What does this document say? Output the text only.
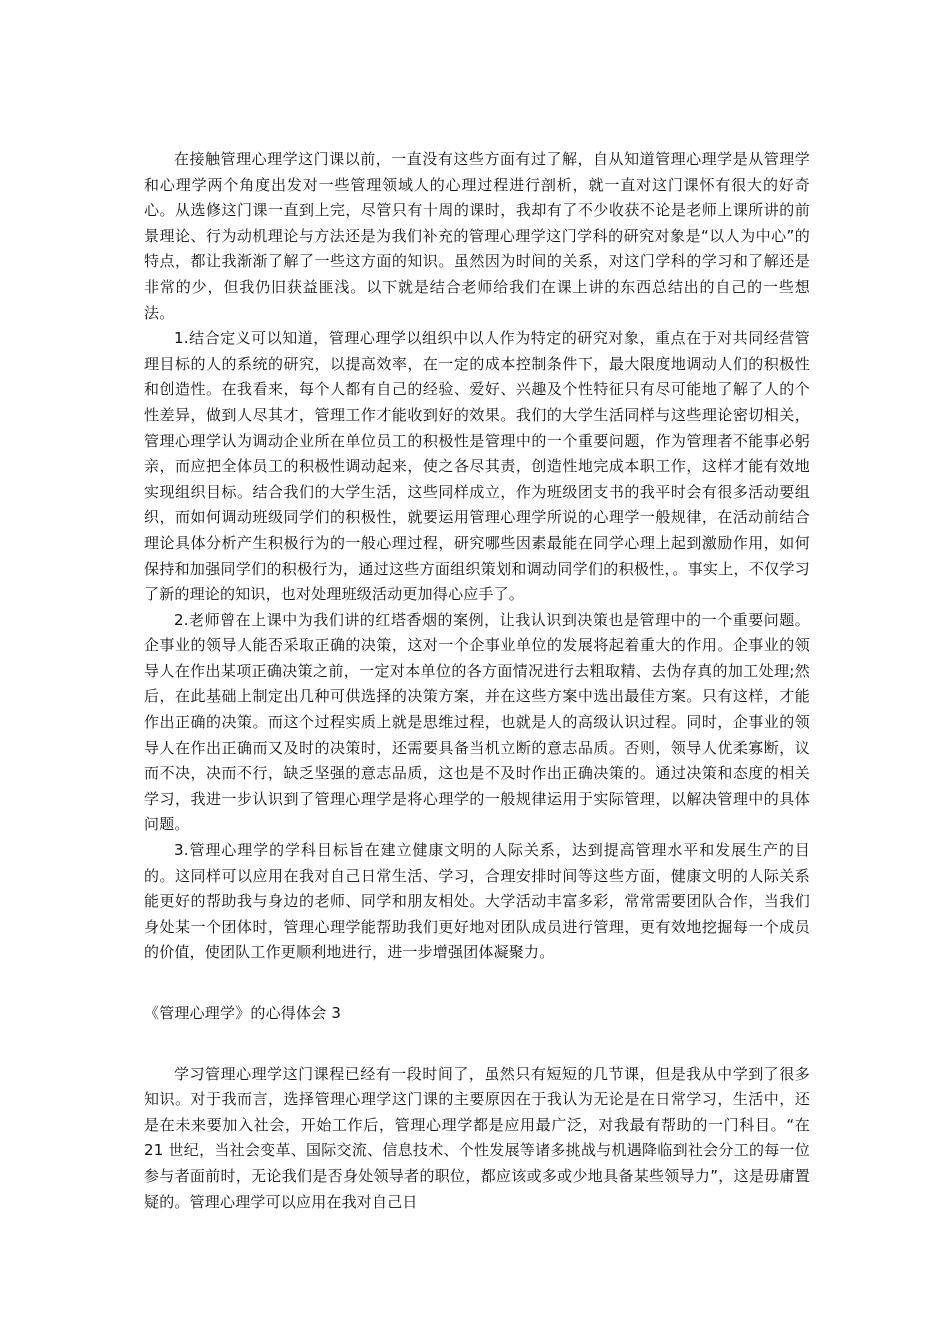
在接触管理心理学这门课以前，一直没有这些方面有过了解，自从知道管理心理学是从管理学和心理学两个角度出发对一些管理领域人的心理过程进行剖析，就一直对这门课怀有很大的好奇心。从选修这门课一直到上完，尽管只有十周的课时，我却有了不少收获不论是老师上课所讲的前景理论、行为动机理论与方法还是为我们补充的管理心理学这门学科的研究对象是“以人为中心”的特点，都让我渐渐了解了一些这方面的知识。虽然因为时间的关系，对这门学科的学习和了解还是非常的少，但我仍旧获益匪浅。以下就是结合老师给我们在课上讲的东西总结出的自己的一些想法。

1.结合定义可以知道，管理心理学以组织中以人作为特定的研究对象，重点在于对共同经营管理目标的人的系统的研究，以提高效率，在一定的成本控制条件下，最大限度地调动人们的积极性和创造性。在我看来，每个人都有自己的经验、爱好、兴趣及个性特征只有尽可能地了解了人的个性差异，做到人尽其才，管理工作才能收到好的效果。我们的大学生活同样与这些理论密切相关，管理心理学认为调动企业所在单位员工的积极性是管理中的一个重要问题，作为管理者不能事必躬亲，而应把全体员工的积极性调动起来，使之各尽其责，创造性地完成本职工作，这样才能有效地实现组织目标。结合我们的大学生活，这些同样成立，作为班级团支书的我平时会有很多活动要组织，而如何调动班级同学们的积极性，就要运用管理心理学所说的心理学一般规律，在活动前结合理论具体分析产生积极行为的一般心理过程，研究哪些因素最能在同学心理上起到激励作用，如何保持和加强同学们的积极行为，通过这些方面组织策划和调动同学们的积极性，。事实上，不仅学习了新的理论的知识，也对处理班级活动更加得心应手了。

2.老师曾在上课中为我们讲的红塔香烟的案例，让我认识到决策也是管理中的一个重要问题。企事业的领导人能否采取正确的决策，这对一个企事业单位的发展将起着重大的作用。企事业的领导人在作出某项正确决策之前，一定对本单位的各方面情况进行去粗取精、去伪存真的加工处理;然后，在此基础上制定出几种可供选择的决策方案，并在这些方案中选出最佳方案。只有这样，才能作出正确的决策。而这个过程实质上就是思维过程，也就是人的高级认识过程。同时，企事业的领导人在作出正确而又及时的决策时，还需要具备当机立断的意志品质。否则，领导人优柔寡断，议而不决，决而不行，缺乏坚强的意志品质，这也是不及时作出正确决策的。通过决策和态度的相关学习，我进一步认识到了管理心理学是将心理学的一般规律运用于实际管理，以解决管理中的具体问题。

3.管理心理学的学科目标旨在建立健康文明的人际关系，达到提高管理水平和发展生产的目的。这同样可以应用在我对自己日常生活、学习，合理安排时间等这些方面，健康文明的人际关系能更好的帮助我与身边的老师、同学和朋友相处。大学活动丰富多彩，常常需要团队合作，当我们身处某一个团体时，管理心理学能帮助我们更好地对团队成员进行管理，更有效地挖掘每一个成员的价值，使团队工作更顺利地进行，进一步增强团体凝聚力。

《管理心理学》的心得体会 3

学习管理心理学这门课程已经有一段时间了，虽然只有短短的几节课，但是我从中学到了很多知识。对于我而言，选择管理心理学这门课的主要原因在于我认为无论是在日常学习，生活中，还是在未来要加入社会，开始工作后，管理心理学都是应用最广泛，对我最有帮助的一门科目。“在 21 世纪，当社会变革、国际交流、信息技术、个性发展等诸多挑战与机遇降临到社会分工的每一位参与者面前时，无论我们是否身处领导者的职位，都应该或多或少地具备某些领导力”，这是毋庸置疑的。管理心理学可以应用在我对自己日
